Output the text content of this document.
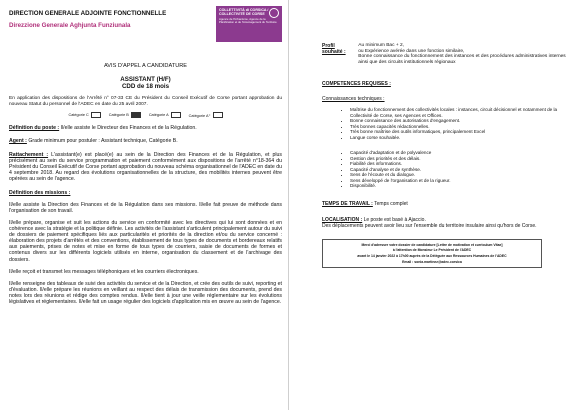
DIRECTION GENERALE ADJOINTE FONCTIONNELLE

Direzzione Generale Aghjunta Funziunala

COLLETTIVITÀ di CORSICA / COLLECTIVITÉ DE CORSE

Agence de l'Urbanisme, Agence de la Planification et de l'Aménagement du Territoire

AVIS D'APPEL A CANDIDATURE

ASSISTANT (H/F)

CDD de 18 mois

En application des dispositions de l'Arrêté n° 07-33 CE du Président du Conseil Exécutif de Corse portant approbation du nouveau Statut du personnel de l'ADEC en date du 25 avril 2007.

Catégorie C	Catégorie B	Catégorie A	Catégorie A⁺

Définition du poste : Il/elle assiste le Directeur des Finances et de la Régulation.

Agent : Grade minimum pour postuler : Assistant technique, Catégorie B.

Rattachement : L'assistant(e) est placé(e) au sein de la Direction des Finances et de la Régulation, et plus précisément au sein du service programmation et paiement conformément aux dispositions de l'arrêté n°18-364 du Président du Conseil Exécutif de Corse portant approbation du nouveau schéma organisationnel de l'ADEC en date du 4 septembre 2018. Au regard des évolutions organisationnelles de la structure, des mobilités internes peuvent être opérées au sein de l'agence.

Définition des missions :

Il/elle assiste la Direction des Finances et de la Régulation dans ses missions. Il/elle fait preuve de méthode dans l'organisation de son travail.

Il/elle prépare, organise et suit les actions du service en conformité avec les directives qui lui sont données et en cohérence avec la stratégie et la politique définie. Les activités de l'assistant s'articulent principalement autour du suivi de dossiers de paiement spécifiques liés aux particularités et priorités de la direction et/ou du service concerné : élaboration des projets d'arrêtés et des conventions, établissement de tous types de documents et bordereaux relatifs aux paiements, prises de notes et mise en forme de tous types de courriers, saisie de documents de formes et contenus divers sur les différents logiciels utilisés en interne, organisation du classement et de l'archivage des dossiers.

Il/elle reçoit et transmet les messages téléphoniques et les courriers électroniques.

Il/elle renseigne des tableaux de suivi des activités du service et de la Direction, et crée des outils de suivi, reporting et d'évaluation. Il/elle prépare les réunions en veillant au respect des délais de transmission des documents, prend des notes lors des réunions et rédige des comptes rendus. Il/elle tient à jour une veille réglementaire sur les évolutions législatives et réglementaires. Il/elle fait un usage régulier des logiciels d'application mis en œuvre au sein de l'agence.

Profil souhaité :

Au minimum Bac + 2,

ou Expérience avérée dans une fonction similaire,

Bonne connaissance du fonctionnement des instances et des procédures administratives internes ainsi que des circuits institutionnels régionaux

COMPETENCES REQUISES :

Connaissances techniques :

• Maîtrise du fonctionnement des collectivités locales : instances, circuit décisionnel et notamment de la Collectivité de Corse, ses Agences et Offices.
• Bonne connaissance des autorisations d'engagement.
• Très bonnes capacités rédactionnelles.
• Très bonne maîtrise des outils informatiques, principalement Excel
• Langue corse souhaitée.
• Capacité d'adaptation et de polyvalence
• Gestion des priorités et des délais.
• Fiabilité des informations.
• Capacité d'analyse et de synthèse.
• Sens de l'écoute et du dialogue.
• Sens développé de l'organisation et de la rigueur.
• Disponibilité.

TEMPS DE TRAVAIL : Temps complet

LOCALISATION : Le poste est basé à Ajaccio.

Des déplacements peuvent avoir lieu sur l'ensemble du territoire insulaire ainsi qu'hors de Corse.

Merci d'adresser votre dossier de candidature [Lettre de motivation et curriculum Vitae]

à l'attention de Monsieur Le Président de l'ADEC

avant le 14 janvier 2022 à 17h00 auprès de la Déléguée aux Ressources Humaines de l'ADEC

Email : sonia.martinez@adec.corsica
